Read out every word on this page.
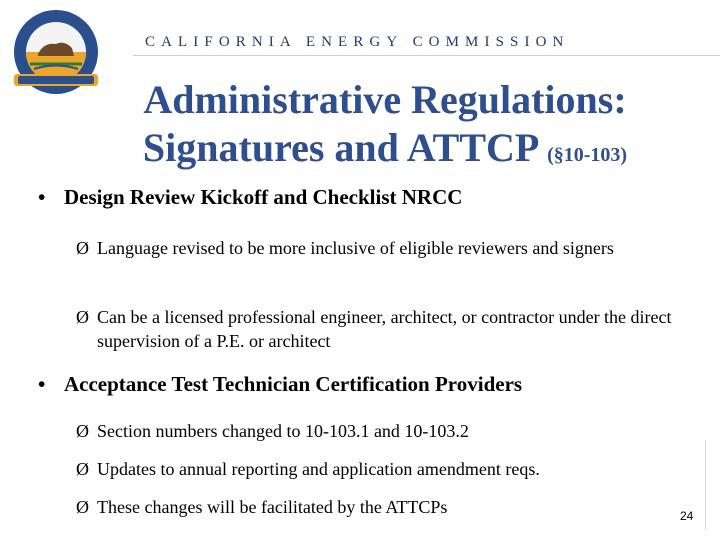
CALIFORNIA ENERGY COMMISSION
Administrative Regulations:
Signatures and ATTCP (§10-103)
• Design Review Kickoff and Checklist NRCC
Ø Language revised to be more inclusive of eligible reviewers and signers
Ø Can be a licensed professional engineer, architect, or contractor under the direct supervision of a P.E. or architect
• Acceptance Test Technician Certification Providers
Ø Section numbers changed to 10-103.1 and 10-103.2
Ø Updates to annual reporting and application amendment reqs.
Ø These changes will be facilitated by the ATTCPs	24
